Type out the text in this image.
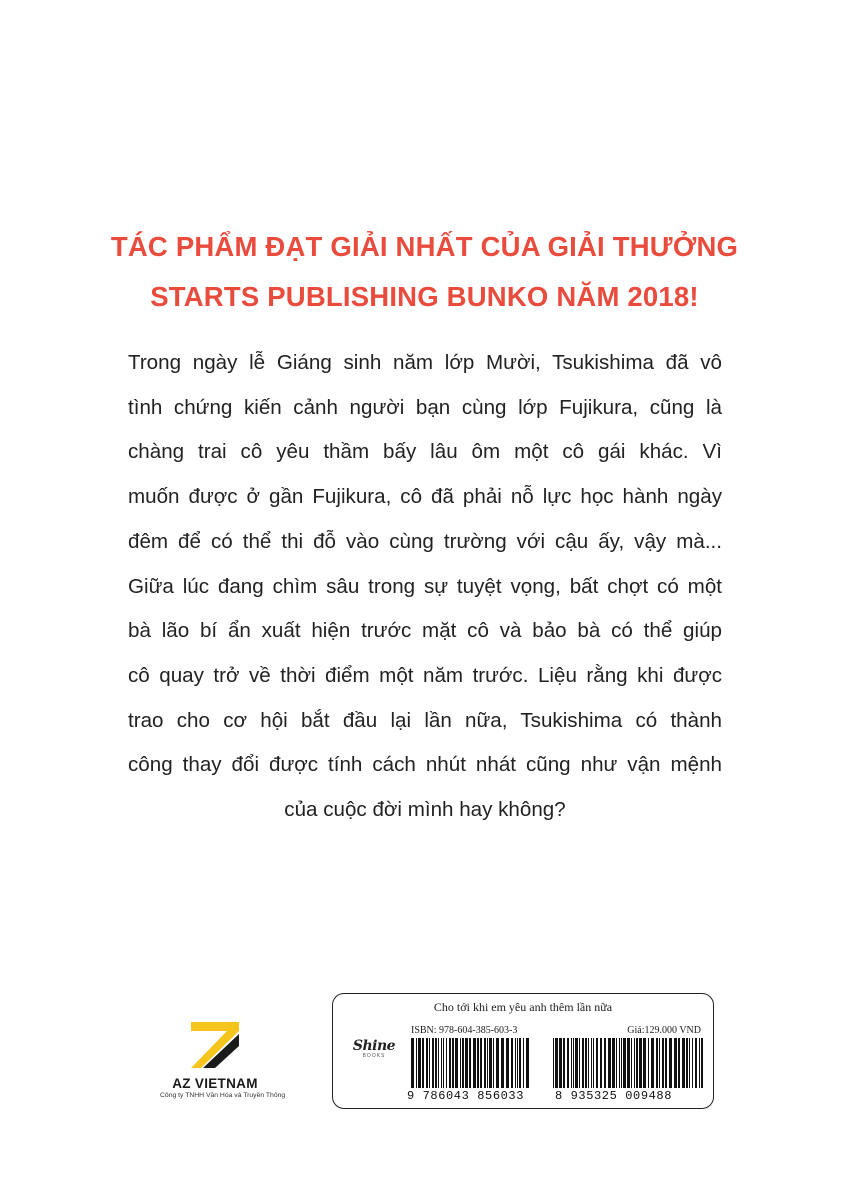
TÁC PHẨM ĐẠT GIẢI NHẤT CỦA GIẢI THƯỞNG
STARTS PUBLISHING BUNKO NĂM 2018!
Trong ngày lễ Giáng sinh năm lớp Mười, Tsukishima đã vô
tình chứng kiến cảnh người bạn cùng lớp Fujikura, cũng là
chàng trai cô yêu thầm bấy lâu ôm một cô gái khác. Vì
muốn được ở gần Fujikura, cô đã phải nỗ lực học hành ngày
đêm để có thể thi đỗ vào cùng trường với cậu ấy, vậy mà...
Giữa lúc đang chìm sâu trong sự tuyệt vọng, bất chợt có một
bà lão bí ẩn xuất hiện trước mặt cô và bảo bà có thể giúp
cô quay trở về thời điểm một năm trước. Liệu rằng khi được
trao cho cơ hội bắt đầu lại lần nữa, Tsukishima có thành
công thay đổi được tính cách nhút nhát cũng như vận mệnh
của cuộc đời mình hay không?
AZ VIETNAM
Công ty TNHH Văn Hóa và Truyền Thông
Cho tới khi em yêu anh thêm lần nữa
ISBN: 978-604-385-603-3	Giá:129.000 VND
Shine
BOOKS
9 786043 856033	8 935325 009488
